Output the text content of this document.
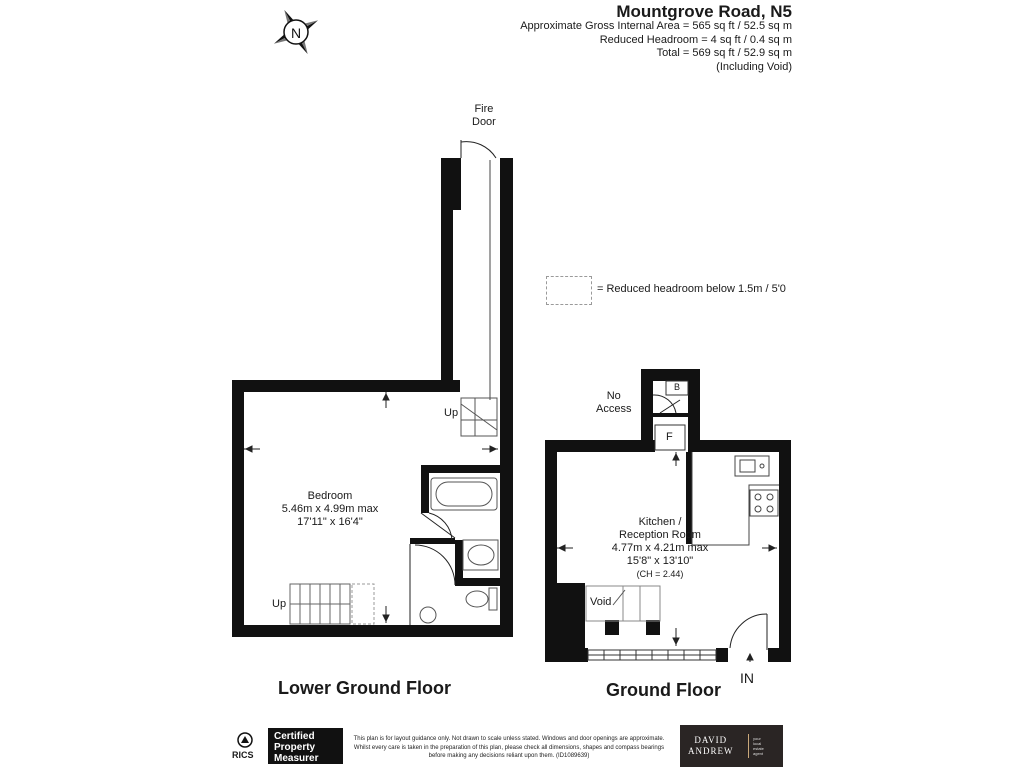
Mountgrove Road, N5
Approximate Gross Internal Area = 565 sq ft / 52.5 sq m
Reduced Headroom = 4 sq ft / 0.4 sq m
Total = 569 sq ft / 52.9 sq m
(Including Void)
N
= Reduced headroom below 1.5m / 5'0
Fire
Door
Up
Bedroom
5.46m x 4.99m max
17'11" x 16'4"
Up
Lower Ground Floor
No
Access
B
F
Kitchen /
Reception Room
4.77m x 4.21m max
15'8" x 13'10"
(CH = 2.44)
Void
Ground Floor
IN
RICS
Certified
Property
Measurer
This plan is for layout guidance only. Not drawn to scale unless stated. Windows and door openings are approximate. Whilst every care is taken in the preparation of this plan, please check all dimensions, shapes and compass bearings before making any decisions reliant upon them. (ID1089639)
DAVID
ANDREW
your
local
estate
agent
